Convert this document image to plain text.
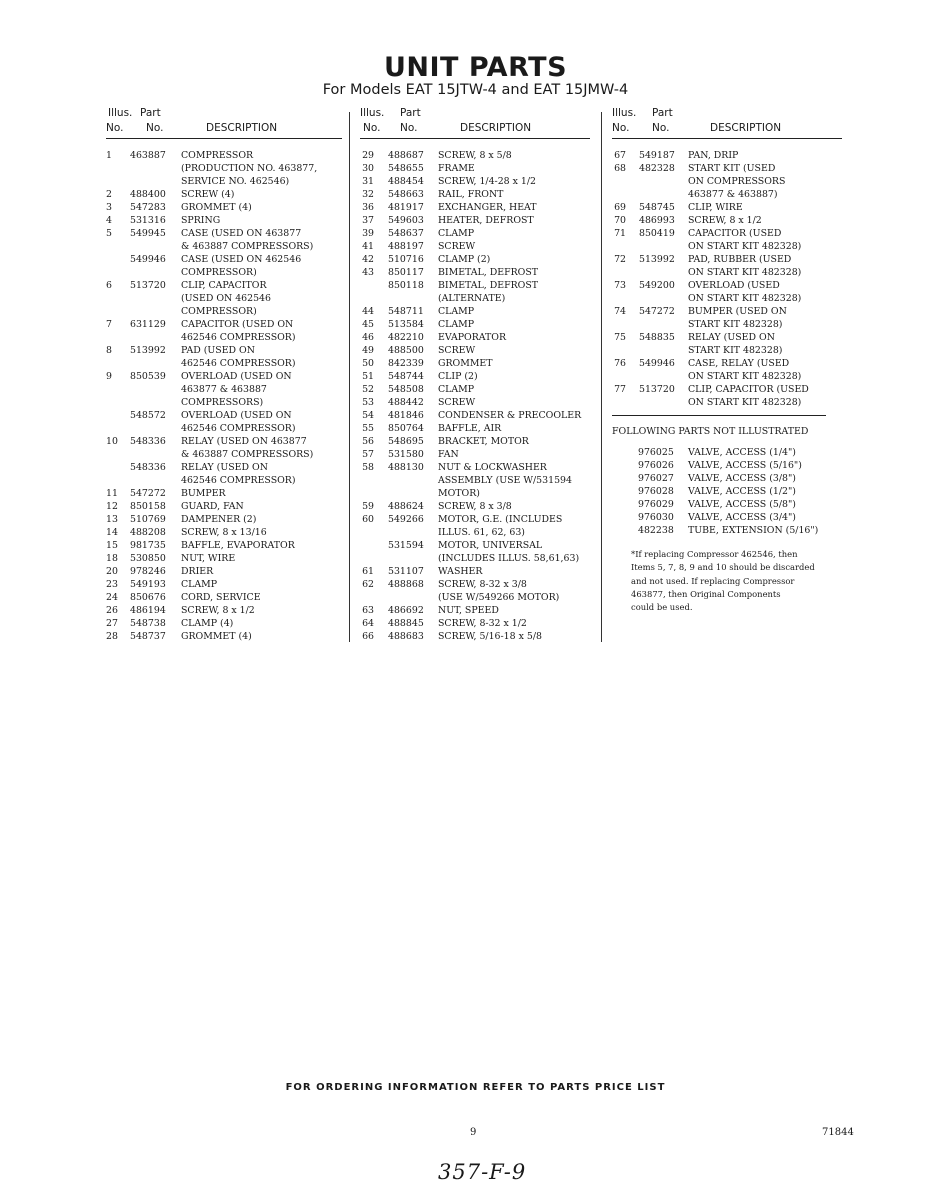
UNIT PARTS
For Models EAT 15JTW-4 and EAT 15JMW-4
Illus. Part
No. No.	DESCRIPTION
1 463887 COMPRESSOR
(PRODUCTION NO. 463877,
SERVICE NO. 462546)
2 488400 SCREW (4)
3 547283 GROMMET (4)
4 531316 SPRING
5 549945 CASE (USED ON 463877
& 463887 COMPRESSORS)
549946 CASE (USED ON 462546
COMPRESSOR)
6 513720 CLIP, CAPACITOR
(USED ON 462546
COMPRESSOR)
7 631129 CAPACITOR (USED ON
462546 COMPRESSOR)
8 513992 PAD (USED ON
462546 COMPRESSOR)
9 850539 OVERLOAD (USED ON
463877 & 463887
COMPRESSORS)
548572 OVERLOAD (USED ON
462546 COMPRESSOR)
10 548336 RELAY (USED ON 463877
& 463887 COMPRESSORS)
548336 RELAY (USED ON
462546 COMPRESSOR)
11 547272 BUMPER
12 850158 GUARD, FAN
13 510769 DAMPENER (2)
14 488208 SCREW, 8 x 13/16
15 981735 BAFFLE, EVAPORATOR
18 530850 NUT, WIRE
20 978246 DRIER
23 549193 CLAMP
24 850676 CORD, SERVICE
26 486194 SCREW, 8 x 1/2
27 548738 CLAMP (4)
28 548737 GROMMET (4)
Illus. Part
No. No.	DESCRIPTION
29 488687 SCREW, 8 x 5/8
30 548655 FRAME
31 488454 SCREW, 1/4-28 x 1/2
32 548663 RAIL, FRONT
36 481917 EXCHANGER, HEAT
37 549603 HEATER, DEFROST
39 548637 CLAMP
41 488197 SCREW
42 510716 CLAMP (2)
43 850117 BIMETAL, DEFROST
850118 BIMETAL, DEFROST
(ALTERNATE)
44 548711 CLAMP
45 513584 CLAMP
46 482210 EVAPORATOR
49 488500 SCREW
50 842339 GROMMET
51 548744 CLIP (2)
52 548508 CLAMP
53 488442 SCREW
54 481846 CONDENSER & PRECOOLER
55 850764 BAFFLE, AIR
56 548695 BRACKET, MOTOR
57 531580 FAN
58 488130 NUT & LOCKWASHER
ASSEMBLY (USE W/531594
MOTOR)
59 488624 SCREW, 8 x 3/8
60 549266 MOTOR, G.E. (INCLUDES
ILLUS. 61, 62, 63)
531594 MOTOR, UNIVERSAL
(INCLUDES ILLUS. 58,61,63)
61 531107 WASHER
62 488868 SCREW, 8-32 x 3/8
(USE W/549266 MOTOR)
63 486692 NUT, SPEED
64 488845 SCREW, 8-32 x 1/2
66 488683 SCREW, 5/16-18 x 5/8
Illus. Part
No. No.	DESCRIPTION
67 549187 PAN, DRIP
68 482328 START KIT (USED
ON COMPRESSORS
463877 & 463887)
69 548745 CLIP, WIRE
70 486993 SCREW, 8 x 1/2
71 850419 CAPACITOR (USED
ON START KIT 482328)
72 513992 PAD, RUBBER (USED
ON START KIT 482328)
73 549200 OVERLOAD (USED
ON START KIT 482328)
74 547272 BUMPER (USED ON
START KIT 482328)
75 548835 RELAY (USED ON
START KIT 482328)
76 549946 CASE, RELAY (USED
ON START KIT 482328)
77 513720 CLIP, CAPACITOR (USED
ON START KIT 482328)
FOLLOWING PARTS NOT ILLUSTRATED
976025 VALVE, ACCESS (1/4")
976026 VALVE, ACCESS (5/16")
976027 VALVE, ACCESS (3/8")
976028 VALVE, ACCESS (1/2")
976029 VALVE, ACCESS (5/8")
976030 VALVE, ACCESS (3/4")
482238 TUBE, EXTENSION (5/16")
*If replacing Compressor 462546, then
Items 5, 7, 8, 9 and 10 should be discarded
and not used. If replacing Compressor
463877, then Original Components
could be used.
FOR ORDERING INFORMATION REFER TO PARTS PRICE LIST
9	71844
357-F-9
